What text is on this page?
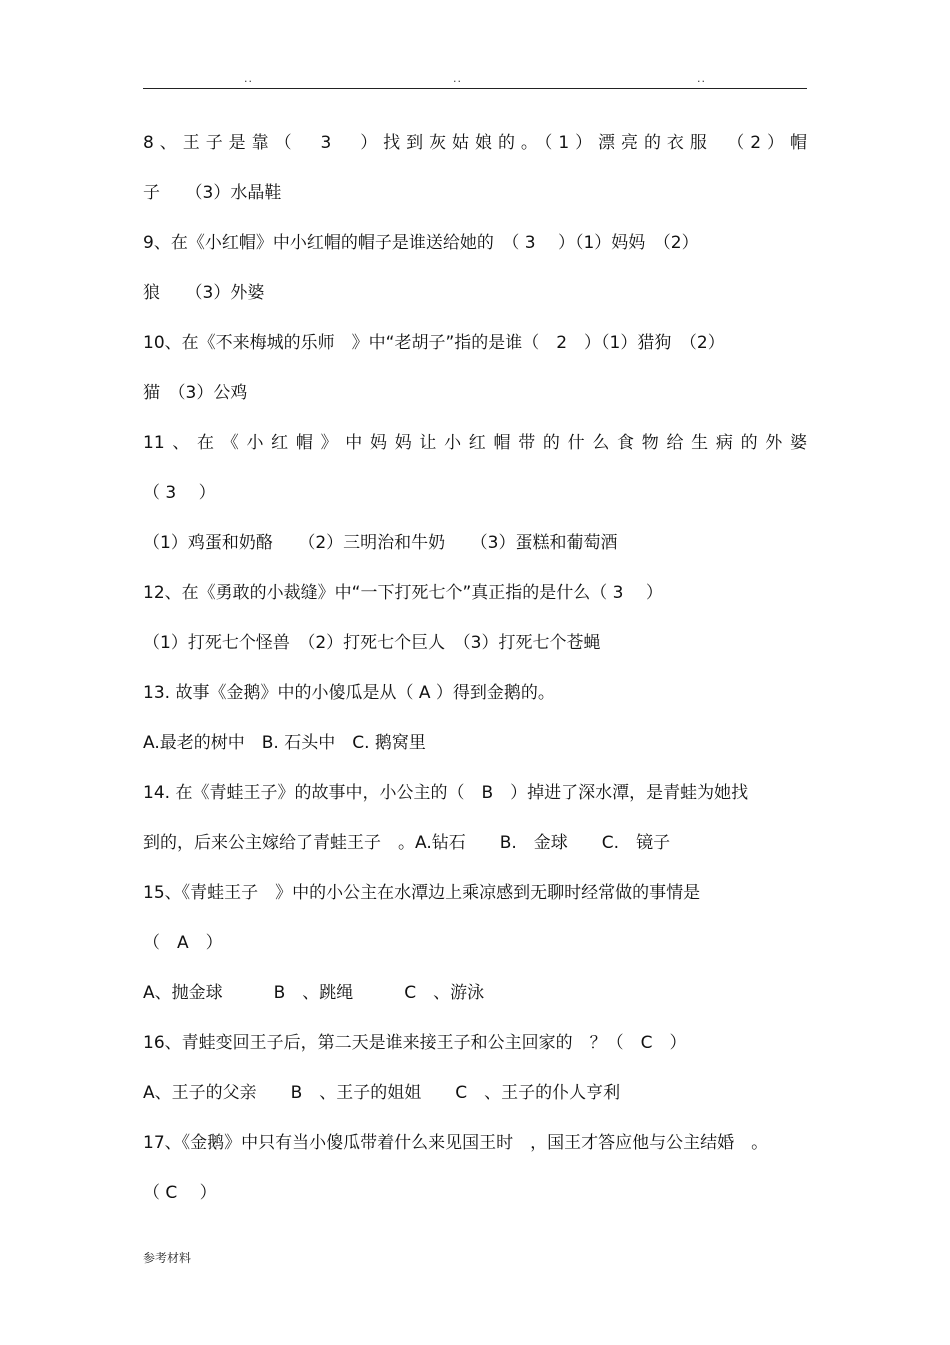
..	..	..
8、王子是靠（　3　）找到灰姑娘的。（1）漂亮的衣服　（2）帽
子　　（3）水晶鞋
9、在《小红帽》中小红帽的帽子是谁送给她的　（ 3　 ）（1）妈妈　（2）
狼　　（3）外婆
10、在《不来梅城的乐师　》中“老胡子”指的是谁（　2　）（1）猎狗　（2）
猫　（3）公鸡
11、在《小红帽》中妈妈让小红帽带的什么食物给生病的外婆
（ 3　 ）
（1）鸡蛋和奶酪　　（2）三明治和牛奶　　（3）蛋糕和葡萄酒
12、在《勇敢的小裁缝》中“一下打死七个”真正指的是什么（ 3　 ）
（1）打死七个怪兽　（2）打死七个巨人　（3）打死七个苍蝇
13. 故事《金鹅》中的小傻瓜是从（ A ）得到金鹅的。
A.最老的树中　B. 石头中　C. 鹅窝里
14. 在《青蛙王子》的故事中，小公主的（　B　）掉进了深水潭，是青蛙为她找
到的，后来公主嫁给了青蛙王子　。A.钻石　　B.　金球　　C.　镜子
15、《青蛙王子　》中的小公主在水潭边上乘凉感到无聊时经常做的事情是
（　A　）
A、抛金球　　　B　、跳绳　　　C　、游泳
16、青蛙变回王子后，第二天是谁来接王子和公主回家的　？（　C　）
A、王子的父亲　　B　、王子的姐姐　　C　、王子的仆人亨利
17、《金鹅》中只有当小傻瓜带着什么来见国王时　，国王才答应他与公主结婚　。
（ C　 ）
参考材料
